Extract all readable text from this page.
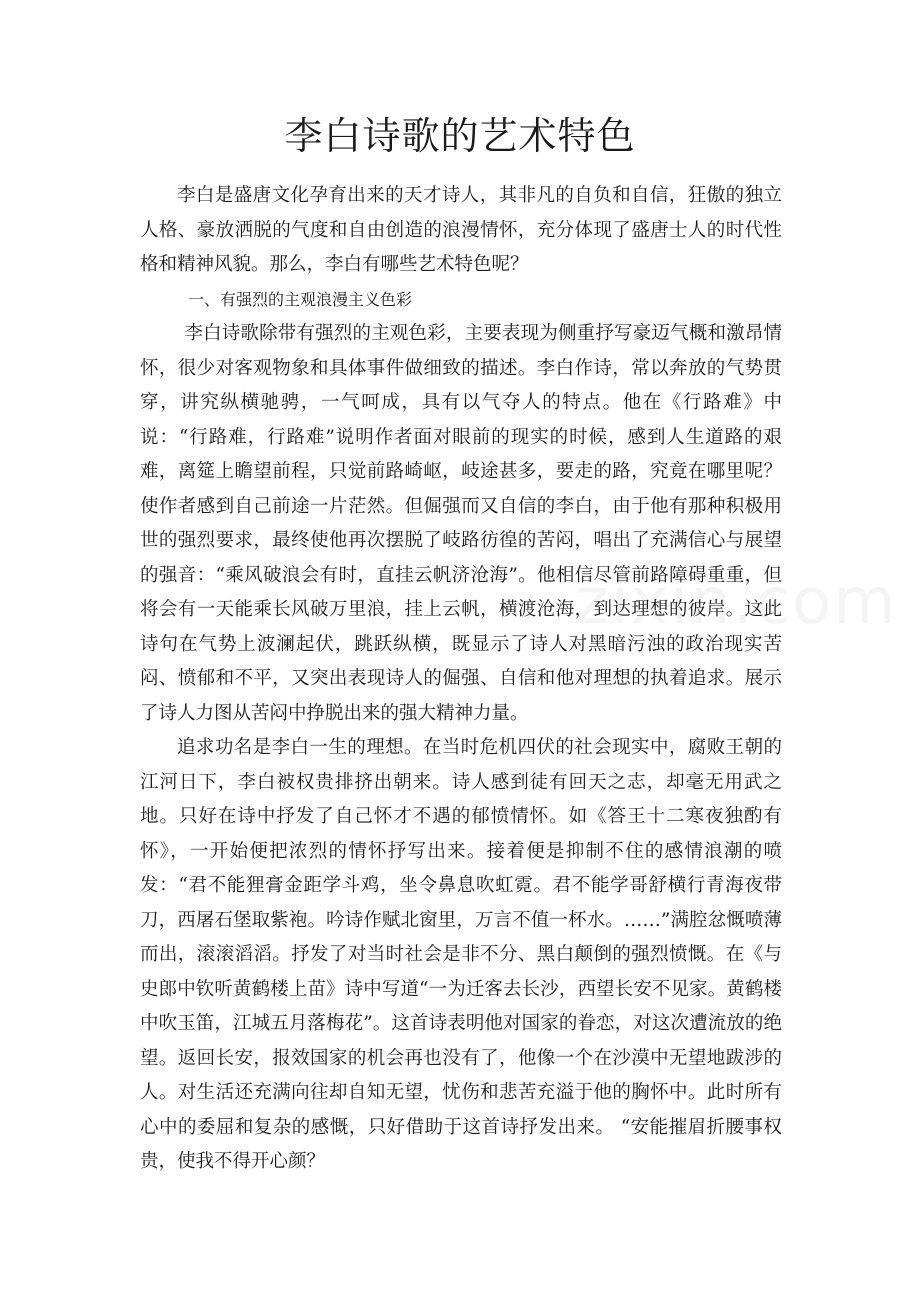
李白诗歌的艺术特色

李白是盛唐文化孕育出来的天才诗人，其非凡的自负和自信，狂傲的独立人格、豪放洒脱的气度和自由创造的浪漫情怀，充分体现了盛唐士人的时代性格和精神风貌。那么，李白有哪些艺术特色呢？

一、有强烈的主观浪漫主义色彩

李白诗歌除带有强烈的主观色彩，主要表现为侧重抒写豪迈气概和激昂情怀，很少对客观物象和具体事件做细致的描述。李白作诗，常以奔放的气势贯穿，讲究纵横驰骋，一气呵成，具有以气夺人的特点。他在《行路难》中说：“行路难，行路难”说明作者面对眼前的现实的时候，感到人生道路的艰难，离筵上瞻望前程，只觉前路崎岖，岐途甚多，要走的路，究竟在哪里呢？使作者感到自己前途一片茫然。但倔强而又自信的李白，由于他有那种积极用世的强烈要求，最终使他再次摆脱了岐路彷徨的苦闷，唱出了充满信心与展望的强音：“乘风破浪会有时，直挂云帆济沧海”。他相信尽管前路障碍重重，但将会有一天能乘长风破万里浪，挂上云帆，横渡沧海，到达理想的彼岸。这此诗句在气势上波澜起伏，跳跃纵横，既显示了诗人对黑暗污浊的政治现实苦闷、愤郁和不平，又突出表现诗人的倔强、自信和他对理想的执着追求。展示了诗人力图从苦闷中挣脱出来的强大精神力量。

追求功名是李白一生的理想。在当时危机四伏的社会现实中，腐败王朝的江河日下，李白被权贵排挤出朝来。诗人感到徒有回天之志，却毫无用武之地。只好在诗中抒发了自己怀才不遇的郁愤情怀。如《答王十二寒夜独酌有怀》，一开始便把浓烈的情怀抒写出来。接着便是抑制不住的感情浪潮的喷发：“君不能狸膏金距学斗鸡，坐令鼻息吹虹霓。君不能学哥舒横行青海夜带刀，西屠石堡取紫袍。吟诗作赋北窗里，万言不值一杯水。……”满腔忿慨喷薄而出，滚滚滔滔。抒发了对当时社会是非不分、黑白颠倒的强烈愤慨。在《与史郎中钦听黄鹤楼上苗》诗中写道“一为迁客去长沙，西望长安不见家。黄鹤楼中吹玉笛，江城五月落梅花”。这首诗表明他对国家的眷恋，对这次遭流放的绝望。返回长安，报效国家的机会再也没有了，他像一个在沙漠中无望地跋涉的人。对生活还充满向往却自知无望，忧伤和悲苦充溢于他的胸怀中。此时所有心中的委屈和复杂的感慨，只好借助于这首诗抒发出来。 “安能摧眉折腰事权贵，使我不得开心颜？
